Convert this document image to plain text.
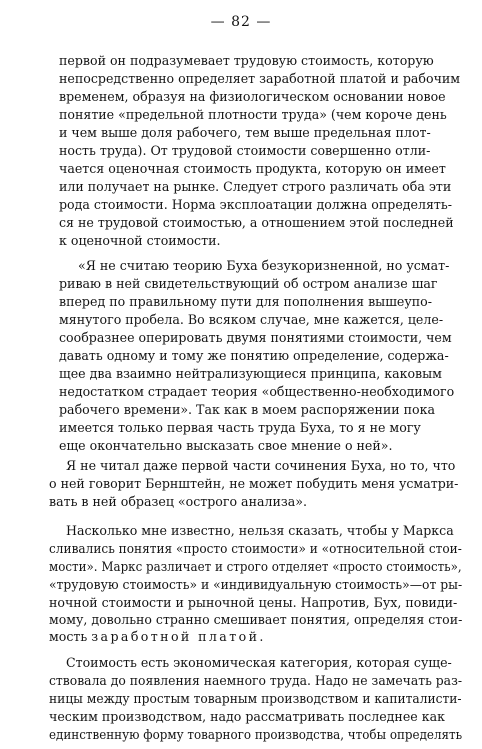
— 82 —
первой он подразумевает трудовую стоимость, которую
непосредственно определяет заработной платой и рабочим
временем, образуя на физиологическом основании новое
понятие «предельной плотности труда» (чем короче день
и чем выше доля рабочего, тем выше предельная плот-
ность труда). От трудовой стоимости совершенно отли-
чается оценочная стоимость продукта, которую он имеет
или получает на рынке. Следует строго различать оба эти
рода стоимости. Норма эксплоатации должна определять-
ся не трудовой стоимостью, а отношением этой последней
к оценочной стоимости.
«Я не считаю теорию Буха безукоризненной, но усмат-
риваю в ней свидетельствующий об остром анализе шаг
вперед по правильному пути для пополнения вышеупо-
мянутого пробела. Во всяком случае, мне кажется, целе-
сообразнее оперировать двумя понятиями стоимости, чем
давать одному и тому же понятию определение, содержа-
щее два взаимно нейтрализующиеся принципа, каковым
недостатком страдает теория «общественно-необходимого
рабочего времени». Так как в моем распоряжении пока
имеется только первая часть труда Буха, то я не могу
еще окончательно высказать свое мнение о ней».
Я не читал даже первой части сочинения Буха, но то, что
о ней говорит Бернштейн, не может побудить меня усматри-
вать в ней образец «острого анализа».
Насколько мне известно, нельзя сказать, чтобы у Маркса
сливались понятия «просто стоимости» и «относительной стои-
мости». Маркс различает и строго отделяет «просто стоимость»,
«трудовую стоимость» и «индивидуальную стоимость»—от ры-
ночной стоимости и рыночной цены. Напротив, Бух, повиди-
мому, довольно странно смешивает понятия, определяя стои-
мость заработной платой.
Стоимость есть экономическая категория, которая суще-
ствовала до появления наемного труда. Надо не замечать раз-
ницы между простым товарным производством и капиталисти-
ческим производством, надо рассматривать последнее как
единственную форму товарного производства, чтобы определять
